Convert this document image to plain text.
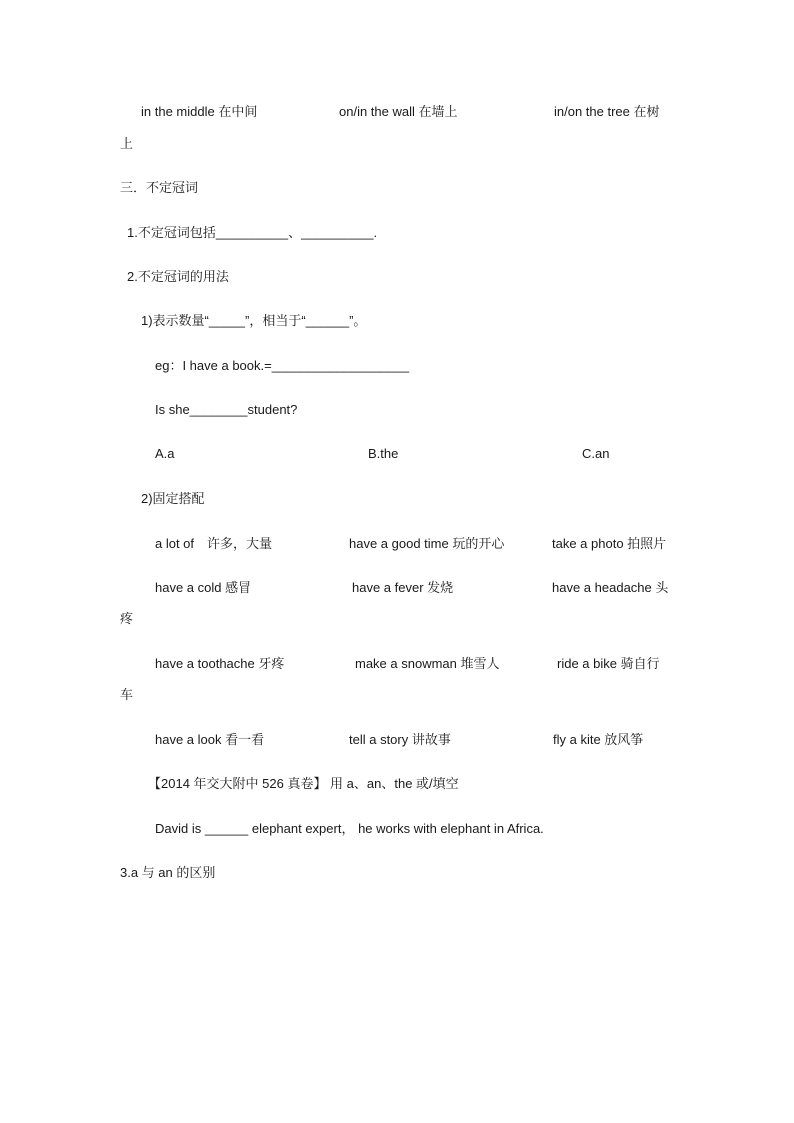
in the middle 在中间	on/in the wall 在墙上	in/on the tree 在树
上
三．不定冠词
1.不定冠词包括__________、__________.
2.不定冠词的用法
1)表示数量“_____”，相当于“______”。
eg：I have a book.=___________________
Is she________student?
A.a	B.the	C.an
2)固定搭配
a lot of　许多，大量	have a good time 玩的开心	take a photo 拍照片
have a cold 感冒	have a fever 发烧	have a headache 头
疼
have a toothache 牙疼	make a snowman 堆雪人	ride a bike 骑自行
车
have a look 看一看	tell a story 讲故事	fly a kite 放风筝
【2014 年交大附中 526 真卷】 用 a、an、the 或/填空
David is ______ elephant expert， he works with elephant in Africa.
3.a 与 an 的区别
